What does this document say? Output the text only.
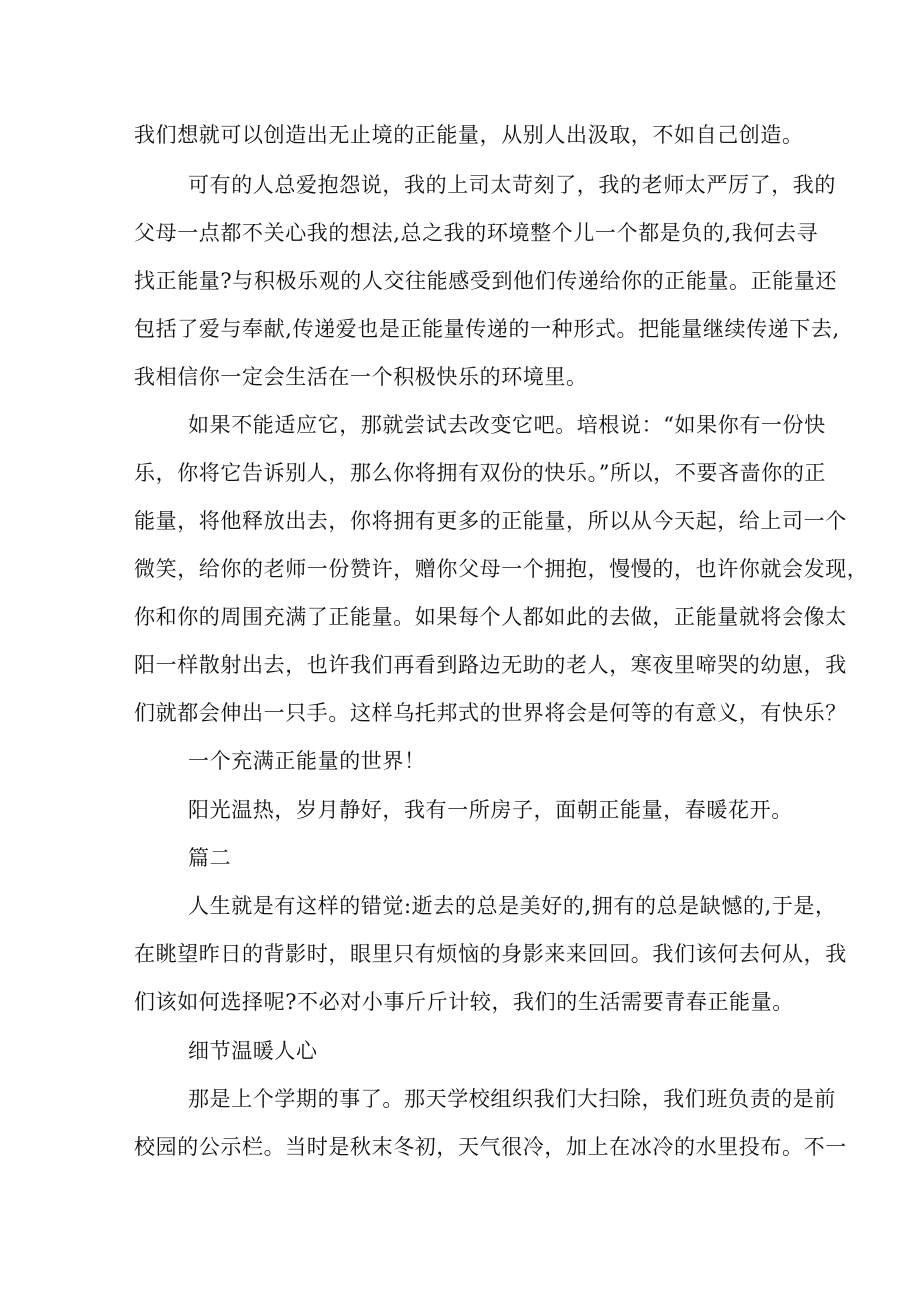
我们想就可以创造出无止境的正能量，从别人出汲取，不如自己创造。
可有的人总爱抱怨说，我的上司太苛刻了，我的老师太严厉了，我的
父母一点都不关心我的想法,总之我的环境整个儿一个都是负的,我何去寻
找正能量?与积极乐观的人交往能感受到他们传递给你的正能量。正能量还
包括了爱与奉献,传递爱也是正能量传递的一种形式。把能量继续传递下去,
我相信你一定会生活在一个积极快乐的环境里。
如果不能适应它，那就尝试去改变它吧。培根说：“如果你有一份快
乐，你将它告诉别人，那么你将拥有双份的快乐。”所以，不要吝啬你的正
能量，将他释放出去，你将拥有更多的正能量，所以从今天起，给上司一个
微笑，给你的老师一份赞许，赠你父母一个拥抱，慢慢的，也许你就会发现，
你和你的周围充满了正能量。如果每个人都如此的去做，正能量就将会像太
阳一样散射出去，也许我们再看到路边无助的老人，寒夜里啼哭的幼崽，我
们就都会伸出一只手。这样乌托邦式的世界将会是何等的有意义，有快乐？
一个充满正能量的世界！
阳光温热，岁月静好，我有一所房子，面朝正能量，春暖花开。
篇二
人生就是有这样的错觉:逝去的总是美好的,拥有的总是缺憾的,于是，
在眺望昨日的背影时，眼里只有烦恼的身影来来回回。我们该何去何从，我
们该如何选择呢?不必对小事斤斤计较，我们的生活需要青春正能量。
细节温暖人心
那是上个学期的事了。那天学校组织我们大扫除，我们班负责的是前
校园的公示栏。当时是秋末冬初，天气很冷，加上在冰冷的水里投布。不一
